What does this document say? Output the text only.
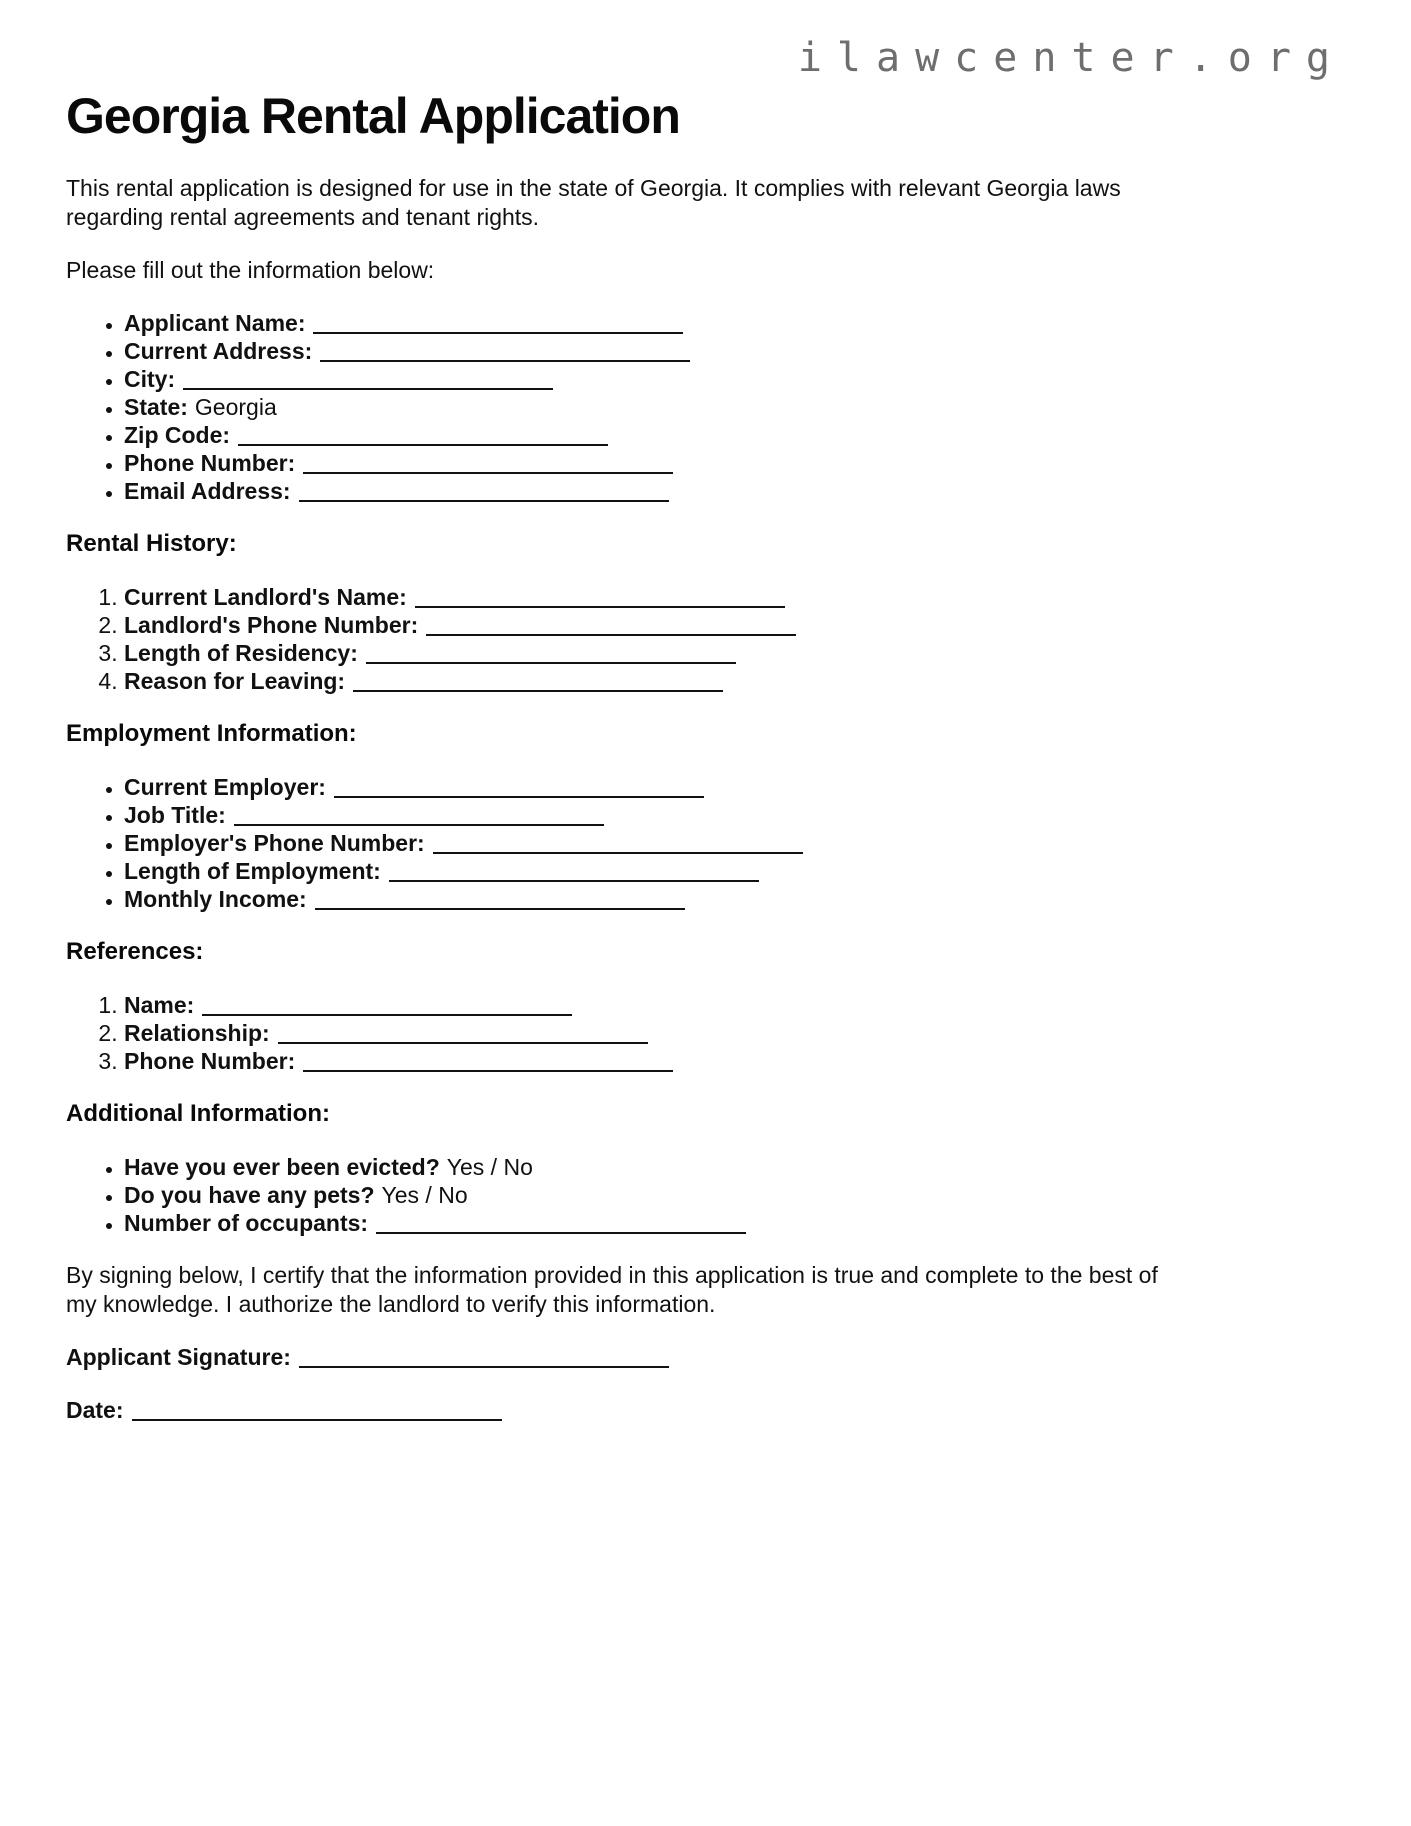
ilawcenter.org
Georgia Rental Application

This rental application is designed for use in the state of Georgia. It complies with relevant Georgia laws regarding rental agreements and tenant rights.

Please fill out the information below:

• Applicant Name:
• Current Address:
• City:
• State: Georgia
• Zip Code:
• Phone Number:
• Email Address:
Rental History:
1. Current Landlord's Name:
2. Landlord's Phone Number:
3. Length of Residency:
4. Reason for Leaving:
Employment Information:
• Current Employer:
• Job Title:
• Employer's Phone Number:
• Length of Employment:
• Monthly Income:
References:
1. Name:
2. Relationship:
3. Phone Number:
Additional Information:
• Have you ever been evicted? Yes / No
• Do you have any pets? Yes / No
• Number of occupants:

By signing below, I certify that the information provided in this application is true and complete to the best of my knowledge. I authorize the landlord to verify this information.

Applicant Signature:

Date:
